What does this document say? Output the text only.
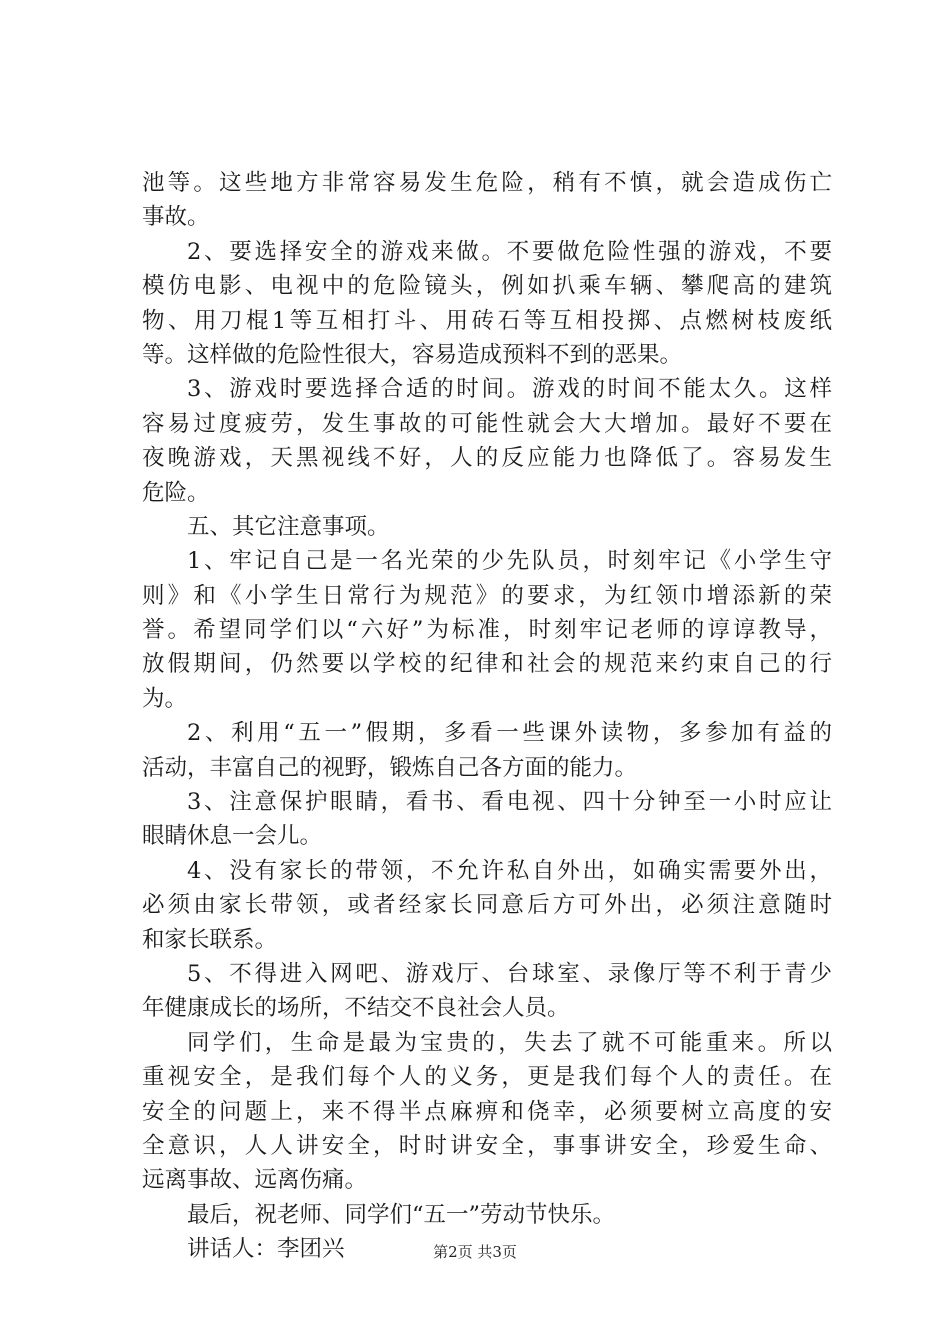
池等。这些地方非常容易发生危险，稍有不慎，就会造成伤亡
事故。
2、要选择安全的游戏来做。不要做危险性强的游戏，不要
模仿电影、电视中的危险镜头，例如扒乘车辆、攀爬高的建筑
物、用刀棍1等互相打斗、用砖石等互相投掷、点燃树枝废纸
等。这样做的危险性很大，容易造成预料不到的恶果。
3、游戏时要选择合适的时间。游戏的时间不能太久。这样
容易过度疲劳，发生事故的可能性就会大大增加。最好不要在
夜晚游戏，天黑视线不好，人的反应能力也降低了。容易发生
危险。
五、其它注意事项。
1、牢记自己是一名光荣的少先队员，时刻牢记《小学生守
则》和《小学生日常行为规范》的要求，为红领巾增添新的荣
誉。希望同学们以“六好”为标准，时刻牢记老师的谆谆教导，
放假期间，仍然要以学校的纪律和社会的规范来约束自己的行
为。
2、利用“五一”假期，多看一些课外读物，多参加有益的
活动，丰富自己的视野，锻炼自己各方面的能力。
3、注意保护眼睛，看书、看电视、四十分钟至一小时应让
眼睛休息一会儿。
4、没有家长的带领，不允许私自外出，如确实需要外出，
必须由家长带领，或者经家长同意后方可外出，必须注意随时
和家长联系。
5、不得进入网吧、游戏厅、台球室、录像厅等不利于青少
年健康成长的场所，不结交不良社会人员。
同学们，生命是最为宝贵的，失去了就不可能重来。所以
重视安全，是我们每个人的义务，更是我们每个人的责任。在
安全的问题上，来不得半点麻痹和侥幸，必须要树立高度的安
全意识，人人讲安全，时时讲安全，事事讲安全，珍爱生命、
远离事故、远离伤痛。
最后，祝老师、同学们“五一”劳动节快乐。
讲话人：李团兴	第2页 共3页
